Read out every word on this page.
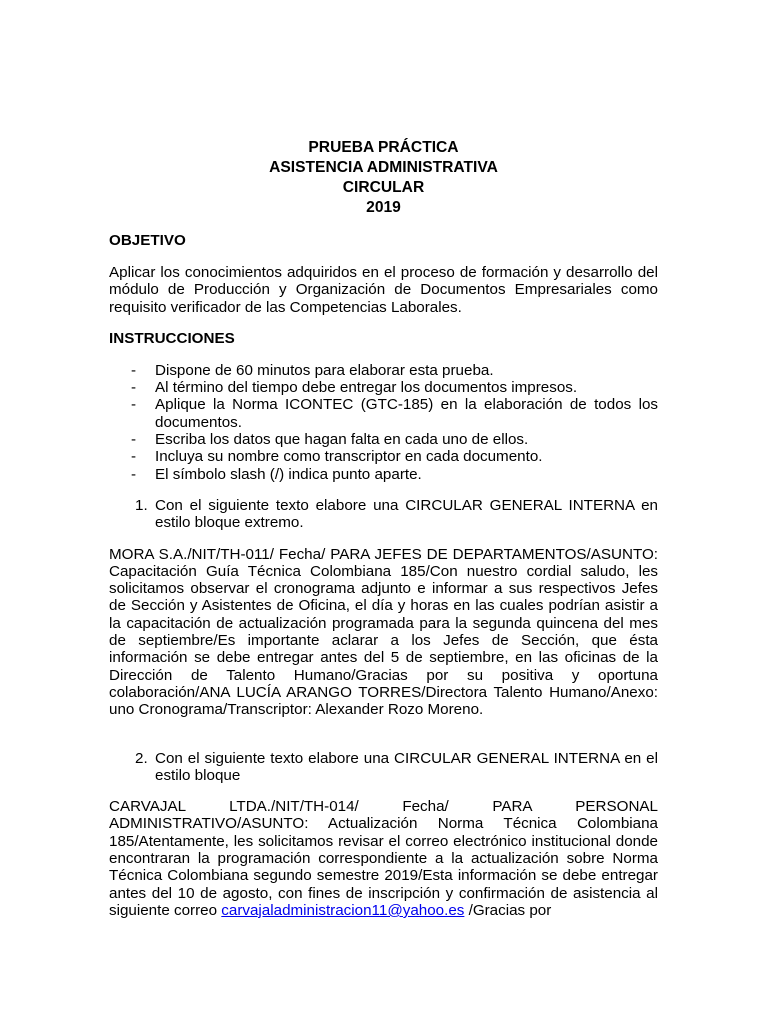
PRUEBA PRÁCTICA
ASISTENCIA ADMINISTRATIVA
CIRCULAR
2019
OBJETIVO

Aplicar los conocimientos adquiridos en el proceso de formación y desarrollo del módulo de Producción y Organización de Documentos Empresariales como requisito verificador de las Competencias Laborales.

INSTRUCCIONES
- Dispone de 60 minutos para elaborar esta prueba.
- Al término del tiempo debe entregar los documentos impresos.
- Aplique la Norma ICONTEC (GTC-185) en la elaboración de todos los documentos.
- Escriba los datos que hagan falta en cada uno de ellos.
- Incluya su nombre como transcriptor en cada documento.
- El símbolo slash (/) indica punto aparte.
1. Con el siguiente texto elabore una CIRCULAR GENERAL INTERNA en estilo bloque extremo.

MORA S.A./NIT/TH-011/ Fecha/ PARA JEFES DE DEPARTAMENTOS/ASUNTO: Capacitación Guía Técnica Colombiana 185/Con nuestro cordial saludo, les solicitamos observar el cronograma adjunto e informar a sus respectivos Jefes de Sección y Asistentes de Oficina, el día y horas en las cuales podrían asistir a la capacitación de actualización programada para la segunda quincena del mes de septiembre/Es importante aclarar a los Jefes de Sección, que ésta información se debe entregar antes del 5 de septiembre, en las oficinas de la Dirección de Talento Humano/Gracias por su positiva y oportuna colaboración/ANA LUCÍA ARANGO TORRES/Directora Talento Humano/Anexo: uno Cronograma/Transcriptor: Alexander Rozo Moreno.

2. Con el siguiente texto elabore una CIRCULAR GENERAL INTERNA en el estilo bloque

CARVAJAL LTDA./NIT/TH-014/ Fecha/ PARA PERSONAL ADMINISTRATIVO/ASUNTO: Actualización Norma Técnica Colombiana 185/Atentamente, les solicitamos revisar el correo electrónico institucional donde encontraran la programación correspondiente a la actualización sobre Norma Técnica Colombiana segundo semestre 2019/Esta información se debe entregar antes del 10 de agosto, con fines de inscripción y confirmación de asistencia al siguiente correo carvajaladministracion11@yahoo.es /Gracias por
